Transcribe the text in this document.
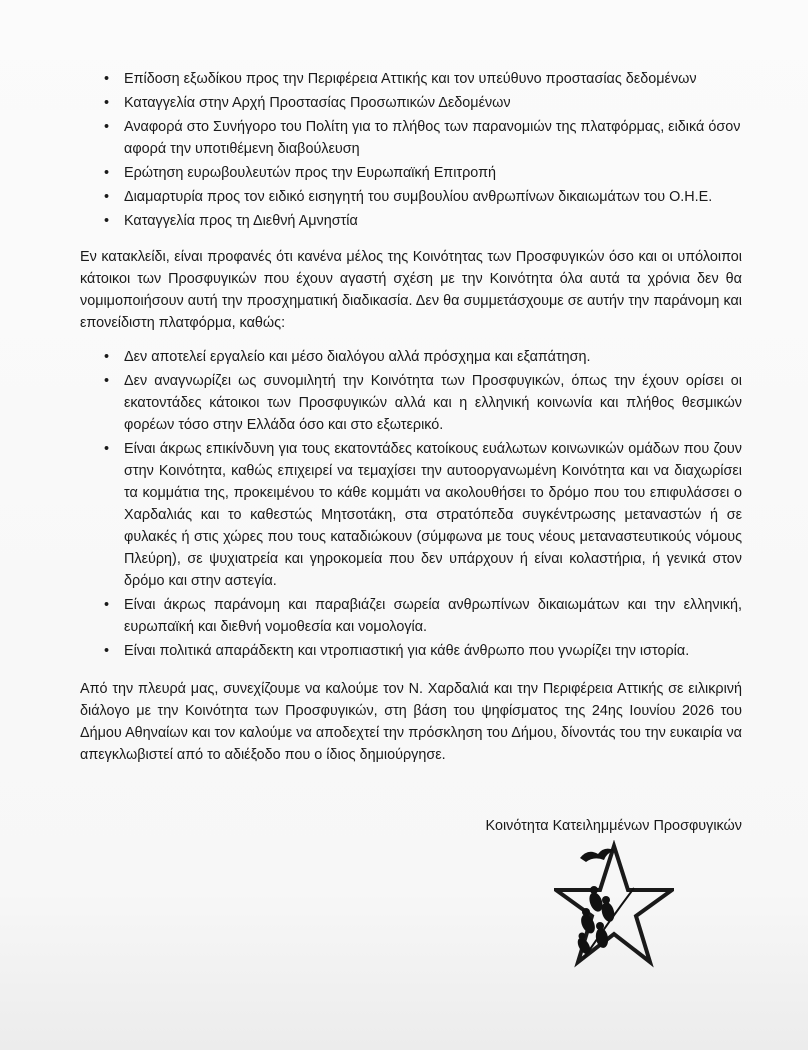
•	Επίδοση εξωδίκου προς την Περιφέρεια Αττικής και τον υπεύθυνο προστασίας δεδομένων
•	Καταγγελία στην Αρχή Προστασίας Προσωπικών Δεδομένων
•	Αναφορά στο Συνήγορο του Πολίτη για το πλήθος των παρανομιών της πλατφόρμας, ειδικά όσον αφορά την υποτιθέμενη διαβούλευση
•	Ερώτηση ευρωβουλευτών προς την Ευρωπαϊκή Επιτροπή
•	Διαμαρτυρία προς τον ειδικό εισηγητή του συμβουλίου ανθρωπίνων δικαιωμάτων του Ο.Η.Ε.
•	Καταγγελία προς τη Διεθνή Αμνηστία

Εν κατακλείδι, είναι προφανές ότι κανένα μέλος της Κοινότητας των Προσφυγικών όσο και οι υπόλοιποι κάτοικοι των Προσφυγικών που έχουν αγαστή σχέση με την Κοινότητα όλα αυτά τα χρόνια δεν θα νομιμοποιήσουν αυτή την προσχηματική διαδικασία. Δεν θα συμμετάσχουμε σε αυτήν την παράνομη και επονείδιστη πλατφόρμα, καθώς:

•	Δεν αποτελεί εργαλείο και μέσο διαλόγου αλλά πρόσχημα και εξαπάτηση.
•	Δεν αναγνωρίζει ως συνομιλητή την Κοινότητα των Προσφυγικών, όπως την έχουν ορίσει οι εκατοντάδες κάτοικοι των Προσφυγικών αλλά και η ελληνική κοινωνία και πλήθος θεσμικών φορέων τόσο στην Ελλάδα όσο και στο εξωτερικό.
•	Είναι άκρως επικίνδυνη για τους εκατοντάδες κατοίκους ευάλωτων κοινωνικών ομάδων που ζουν στην Κοινότητα, καθώς επιχειρεί να τεμαχίσει την αυτοοργανωμένη Κοινότητα και να διαχωρίσει τα κομμάτια της, προκειμένου το κάθε κομμάτι να ακολουθήσει το δρόμο που του επιφυλάσσει ο Χαρδαλιάς και το καθεστώς Μητσοτάκη, στα στρατόπεδα συγκέντρωσης μεταναστών ή σε φυλακές ή στις χώρες που τους καταδιώκουν (σύμφωνα με τους νέους μεταναστευτικούς νόμους Πλεύρη), σε ψυχιατρεία και γηροκομεία που δεν υπάρχουν ή είναι κολαστήρια, ή γενικά στον δρόμο και στην αστεγία.
•	Είναι άκρως παράνομη και παραβιάζει σωρεία ανθρωπίνων δικαιωμάτων και την ελληνική, ευρωπαϊκή και διεθνή νομοθεσία και νομολογία.
•	Είναι πολιτικά απαράδεκτη και ντροπιαστική για κάθε άνθρωπο που γνωρίζει την ιστορία.

Από την πλευρά μας, συνεχίζουμε να καλούμε τον Ν. Χαρδαλιά και την Περιφέρεια Αττικής σε ειλικρινή διάλογο με την Κοινότητα των Προσφυγικών, στη βάση του ψηφίσματος της 24ης Ιουνίου 2026 του Δήμου Αθηναίων και τον καλούμε να αποδεχτεί την πρόσκληση του Δήμου, δίνοντάς του την ευκαιρία να απεγκλωβιστεί από το αδιέξοδο που ο ίδιος δημιούργησε.

Κοινότητα Κατειλημμένων Προσφυγικών
